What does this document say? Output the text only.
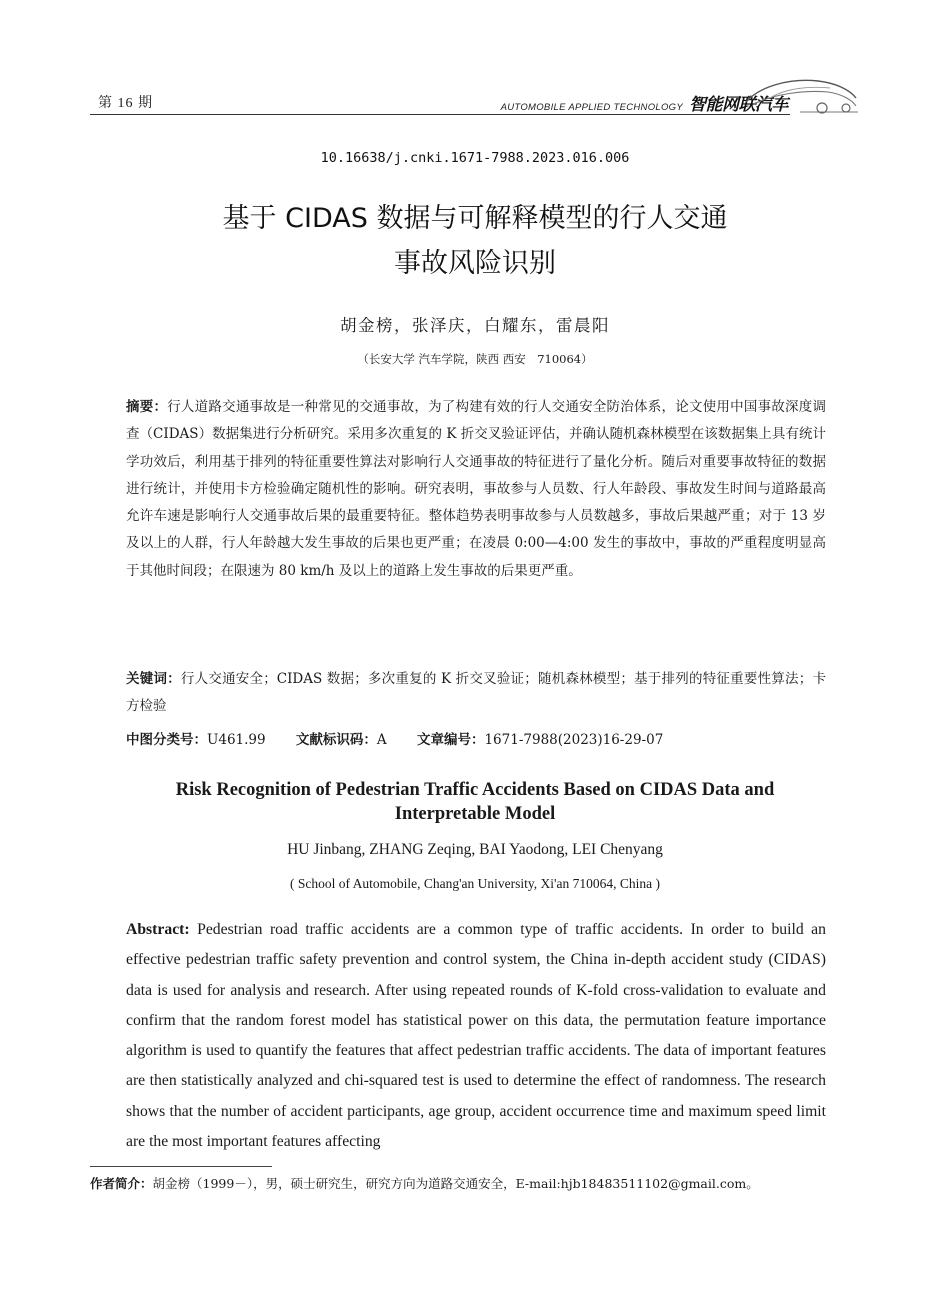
第 16 期	AUTOMOBILE APPLIED TECHNOLOGY 智能网联汽车
10.16638/j.cnki.1671-7988.2023.016.006
基于 CIDAS 数据与可解释模型的行人交通
事故风险识别
胡金榜，张泽庆，白耀东，雷晨阳
（长安大学 汽车学院，陕西 西安　710064）
摘要：行人道路交通事故是一种常见的交通事故，为了构建有效的行人交通安全防治体系，论文使用中国事故深度调查（CIDAS）数据集进行分析研究。采用多次重复的 K 折交叉验证评估，并确认随机森林模型在该数据集上具有统计学功效后，利用基于排列的特征重要性算法对影响行人交通事故的特征进行了量化分析。随后对重要事故特征的数据进行统计，并使用卡方检验确定随机性的影响。研究表明，事故参与人员数、行人年龄段、事故发生时间与道路最高允许车速是影响行人交通事故后果的最重要特征。整体趋势表明事故参与人员数越多，事故后果越严重；对于 13 岁及以上的人群，行人年龄越大发生事故的后果也更严重；在凌晨 0:00—4:00 发生的事故中，事故的严重程度明显高于其他时间段；在限速为 80 km/h 及以上的道路上发生事故的后果更严重。
关键词：行人交通安全；CIDAS 数据；多次重复的 K 折交叉验证；随机森林模型；基于排列的特征重要性算法；卡方检验
中图分类号：U461.99 文献标识码：A 文章编号：1671-7988(2023)16-29-07
Risk Recognition of Pedestrian Traffic Accidents Based on CIDAS Data and
Interpretable Model
HU Jinbang, ZHANG Zeqing, BAI Yaodong, LEI Chenyang
( School of Automobile, Chang'an University, Xi'an 710064, China )
Abstract: Pedestrian road traffic accidents are a common type of traffic accidents. In order to build an effective pedestrian traffic safety prevention and control system, the China in-depth accident study (CIDAS) data is used for analysis and research. After using repeated rounds of K-fold cross-validation to evaluate and confirm that the random forest model has statistical power on this data, the permutation feature importance algorithm is used to quantify the features that affect pedestrian traffic accidents. The data of important features are then statistically analyzed and chi-squared test is used to determine the effect of randomness. The research shows that the number of accident participants, age group, accident occurrence time and maximum speed limit are the most important features affecting
作者简介：胡金榜（1999－），男，硕士研究生，研究方向为道路交通安全，E-mail:hjb18483511102@gmail.com。
